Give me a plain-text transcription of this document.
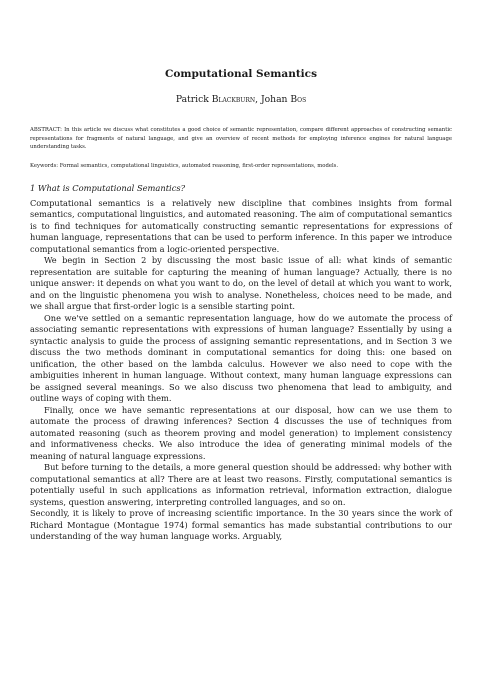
Computational Semantics
Patrick Blackburn, Johan Bos
ABSTRACT: In this article we discuss what constitutes a good choice of semantic representation, compare different approaches of constructing semantic representations for fragments of natural language, and give an overview of recent methods for employing inference engines for natural language understanding tasks.
Keywords: Formal semantics, computational linguistics, automated reasoning, first-order representations, models.
1 What is Computational Semantics?

Computational semantics is a relatively new discipline that combines insights from formal semantics, computational linguistics, and automated reasoning. The aim of computational semantics is to find techniques for automatically constructing semantic representations for expressions of human language, representations that can be used to perform inference. In this paper we introduce computational semantics from a logic-oriented perspective.

We begin in Section 2 by discussing the most basic issue of all: what kinds of semantic representation are suitable for capturing the meaning of human language? Actually, there is no unique answer: it depends on what you want to do, on the level of detail at which you want to work, and on the linguistic phenomena you wish to analyse. Nonetheless, choices need to be made, and we shall argue that first-order logic is a sensible starting point.

One we've settled on a semantic representation language, how do we automate the process of associating semantic representations with expressions of human language? Essentially by using a syntactic analysis to guide the process of assigning semantic representations, and in Section 3 we discuss the two methods dominant in computational semantics for doing this: one based on unification, the other based on the lambda calculus. However we also need to cope with the ambiguities inherent in human language. Without context, many human language expressions can be assigned several meanings. So we also discuss two phenomena that lead to ambiguity, and outline ways of coping with them.

Finally, once we have semantic representations at our disposal, how can we use them to automate the process of drawing inferences? Section 4 discusses the use of techniques from automated reasoning (such as theorem proving and model generation) to implement consistency and informativeness checks. We also introduce the idea of generating minimal models of the meaning of natural language expressions.

But before turning to the details, a more general question should be addressed: why bother with computational semantics at all? There are at least two reasons. Firstly, computational semantics is potentially useful in such applications as information retrieval, information extraction, dialogue systems, question answering, interpreting controlled languages, and so on.

Secondly, it is likely to prove of increasing scientific importance. In the 30 years since the work of Richard Montague (Montague 1974) formal semantics has made substantial contributions to our understanding of the way human language works. Arguably,
